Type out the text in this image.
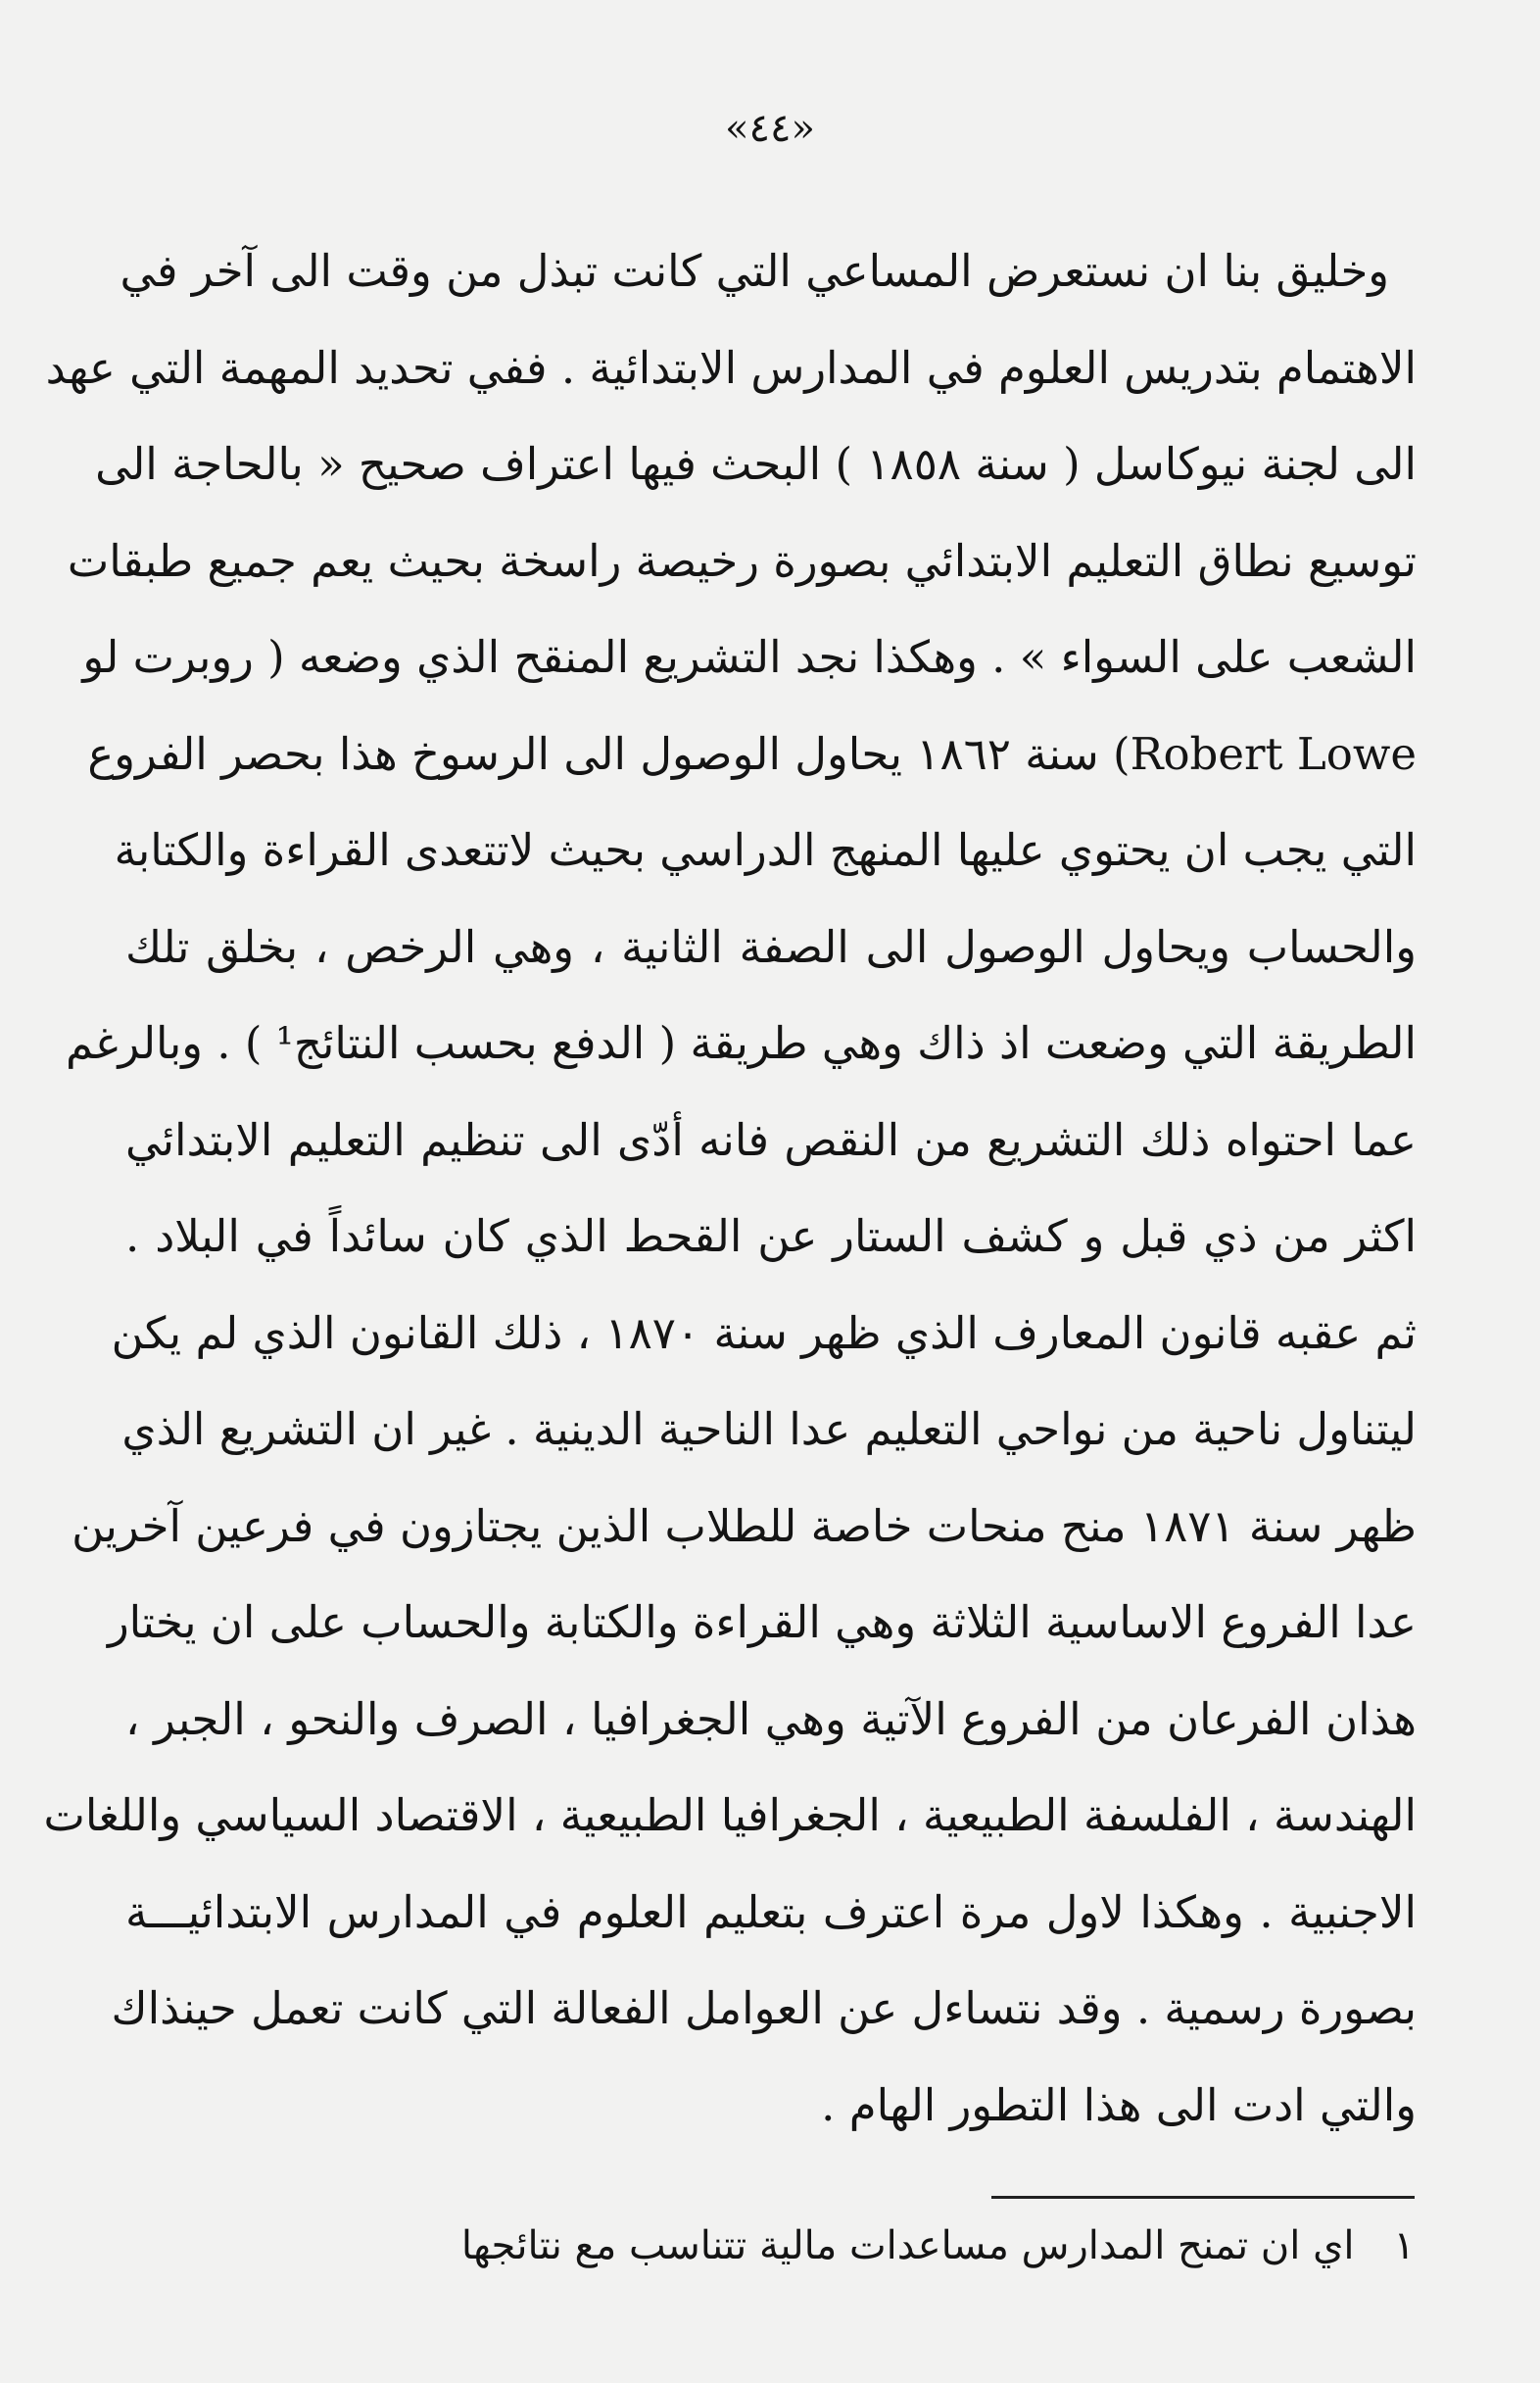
«٤٤»
وخليق بنا ان نستعرض المساعي التي كانت تبذل من وقت الى آخر في
الاهتمام بتدريس العلوم في المدارس الابتدائية . ففي تحديد المهمة التي عهد
الى لجنة نيوكاسل ( سنة ١٨٥٨ ) البحث فيها اعتراف صحيح « بالحاجة الى
توسيع نطاق التعليم الابتدائي بصورة رخيصة راسخة بحيث يعم جميع طبقات
الشعب على السواء » . وهكذا نجد التشريع المنقح الذي وضعه ( روبرت لو
Robert Lowe) سنة ١٨٦٢ يحاول الوصول الى الرسوخ هذا بحصر الفروع
التي يجب ان يحتوي عليها المنهج الدراسي بحيث لاتتعدى القراءة والكتابة
والحساب ويحاول الوصول الى الصفة الثانية ، وهي الرخص ، بخلق تلك
الطريقة التي وضعت اذ ذاك وهي طريقة ( الدفع بحسب النتائج¹ ) . وبالرغم
عما احتواه ذلك التشريع من النقص فانه أدّى الى تنظيم التعليم الابتدائي
اكثر من ذي قبل و كشف الستار عن القحط الذي كان سائداً في البلاد .
ثم عقبه قانون المعارف الذي ظهر سنة ١٨٧٠ ، ذلك القانون الذي لم يكن
ليتناول ناحية من نواحي التعليم عدا الناحية الدينية . غير ان التشريع الذي
ظهر سنة ١٨٧١ منح منحات خاصة للطلاب الذين يجتازون في فرعين آخرين
عدا الفروع الاساسية الثلاثة وهي القراءة والكتابة والحساب على ان يختار
هذان الفرعان من الفروع الآتية وهي الجغرافيا ، الصرف والنحو ، الجبر ،
الهندسة ، الفلسفة الطبيعية ، الجغرافيا الطبيعية ، الاقتصاد السياسي واللغات
الاجنبية . وهكذا لاول مرة اعترف بتعليم العلوم في المدارس الابتدائيـــة
بصورة رسمية . وقد نتساءل عن العوامل الفعالة التي كانت تعمل حينذاك
والتي ادت الى هذا التطور الهام .
١اي ان تمنح المدارس مساعدات مالية تتناسب مع نتائجها
